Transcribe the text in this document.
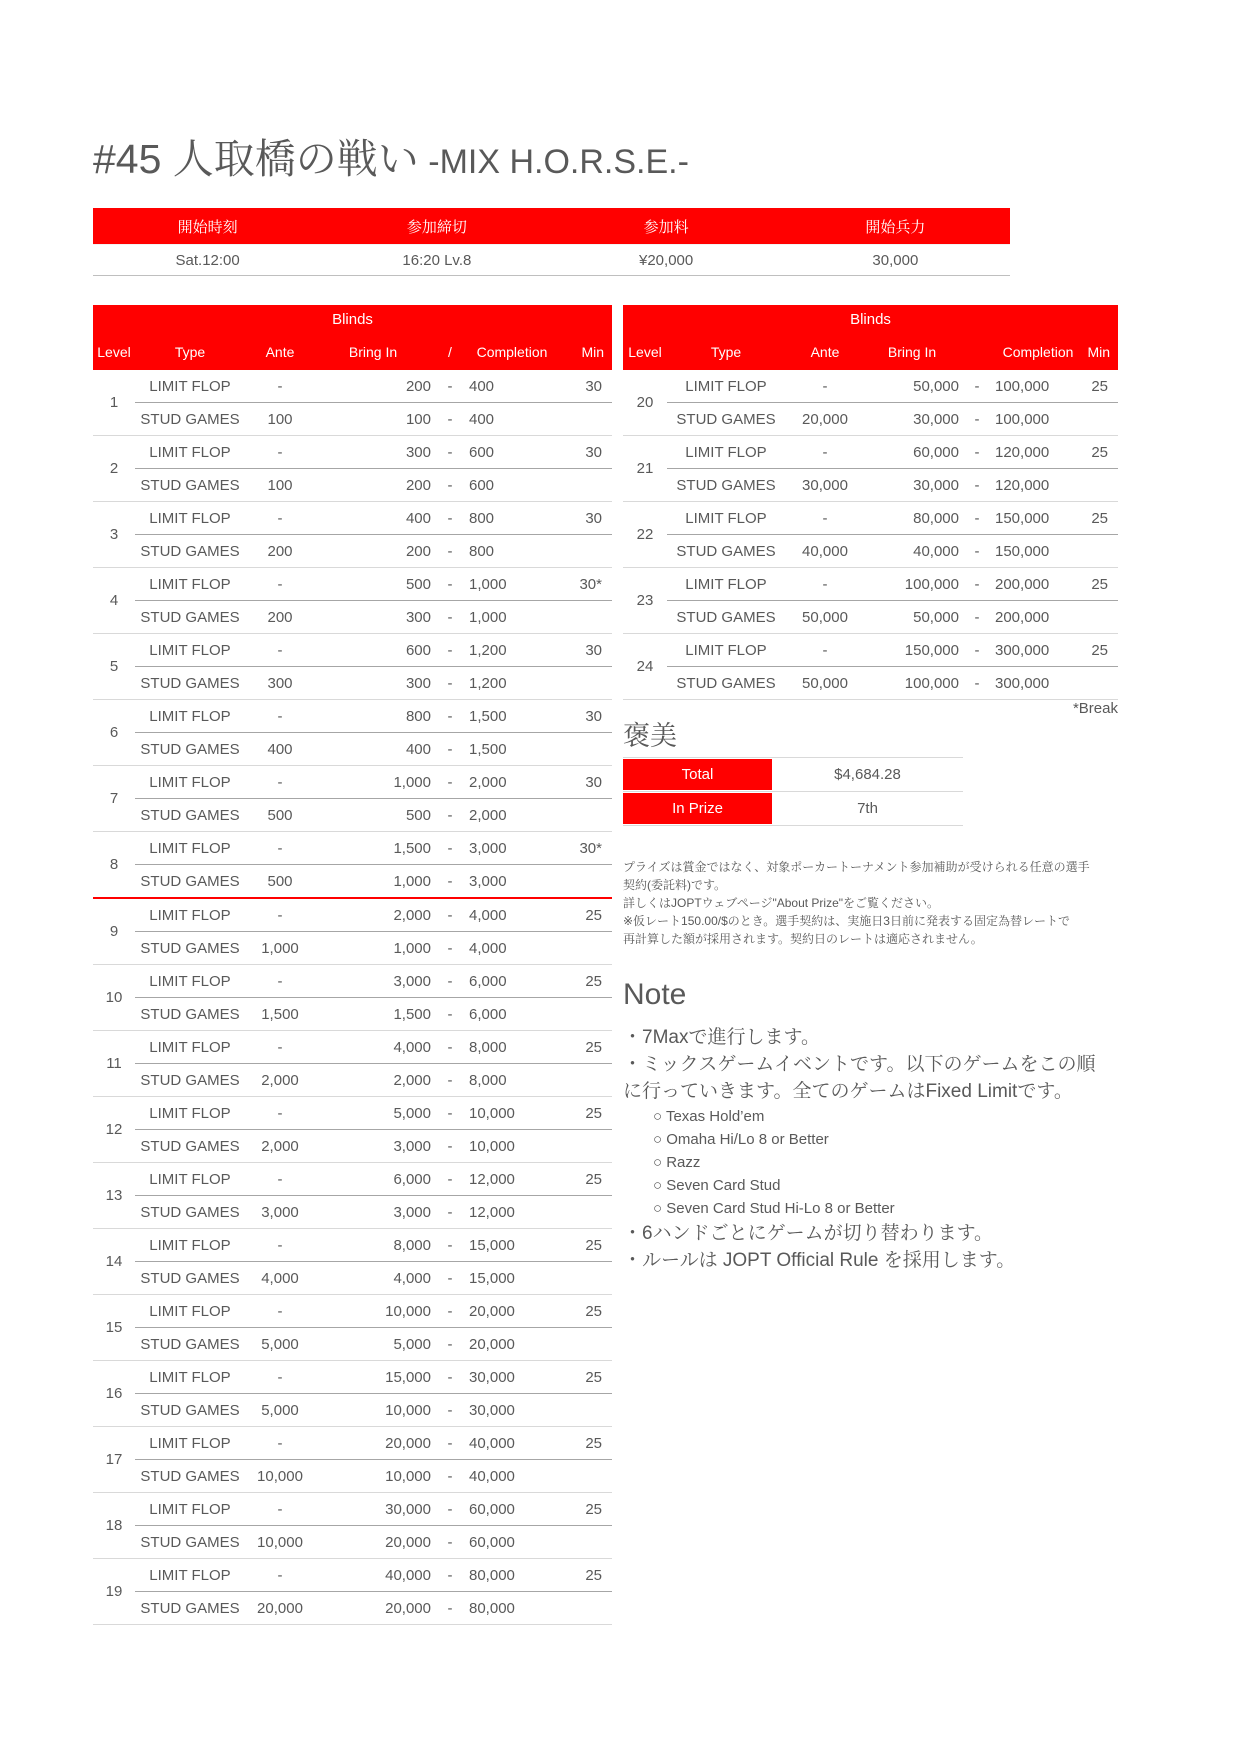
#45 人取橋の戦い -MIX H.O.R.S.E.-
開始時刻	参加締切	参加料	開始兵力
Sat.12:00	16:20 Lv.8	¥20,000	30,000
Blinds
Level	Type	Ante	Bring In	/	Completion	Min
1
LIMIT FLOP	-	200	-	400	30
STUD GAMES	100	100	-	400
2
LIMIT FLOP	-	300	-	600	30
STUD GAMES	100	200	-	600
3
LIMIT FLOP	-	400	-	800	30
STUD GAMES	200	200	-	800
4
LIMIT FLOP	-	500	-	1,000	30*
STUD GAMES	200	300	-	1,000
5
LIMIT FLOP	-	600	-	1,200	30
STUD GAMES	300	300	-	1,200
6
LIMIT FLOP	-	800	-	1,500	30
STUD GAMES	400	400	-	1,500
7
LIMIT FLOP	-	1,000	-	2,000	30
STUD GAMES	500	500	-	2,000
8
LIMIT FLOP	-	1,500	-	3,000	30*
STUD GAMES	500	1,000	-	3,000
9
LIMIT FLOP	-	2,000	-	4,000	25
STUD GAMES	1,000	1,000	-	4,000
10
LIMIT FLOP	-	3,000	-	6,000	25
STUD GAMES	1,500	1,500	-	6,000
11
LIMIT FLOP	-	4,000	-	8,000	25
STUD GAMES	2,000	2,000	-	8,000
12
LIMIT FLOP	-	5,000	-	10,000	25
STUD GAMES	2,000	3,000	-	10,000
13
LIMIT FLOP	-	6,000	-	12,000	25
STUD GAMES	3,000	3,000	-	12,000
14
LIMIT FLOP	-	8,000	-	15,000	25
STUD GAMES	4,000	4,000	-	15,000
15
LIMIT FLOP	-	10,000	-	20,000	25
STUD GAMES	5,000	5,000	-	20,000
16
LIMIT FLOP	-	15,000	-	30,000	25
STUD GAMES	5,000	10,000	-	30,000
17
LIMIT FLOP	-	20,000	-	40,000	25
STUD GAMES	10,000	10,000	-	40,000
18
LIMIT FLOP	-	30,000	-	60,000	25
STUD GAMES	10,000	20,000	-	60,000
19
LIMIT FLOP	-	40,000	-	80,000	25
STUD GAMES	20,000	20,000	-	80,000
Blinds
Level	Type	Ante	Bring In	Completion	Min
20
LIMIT FLOP	-	50,000	-	100,000	25
STUD GAMES	20,000	30,000	-	100,000
21
LIMIT FLOP	-	60,000	-	120,000	25
STUD GAMES	30,000	30,000	-	120,000
22
LIMIT FLOP	-	80,000	-	150,000	25
STUD GAMES	40,000	40,000	-	150,000
23
LIMIT FLOP	-	100,000	-	200,000	25
STUD GAMES	50,000	50,000	-	200,000
24
LIMIT FLOP	-	150,000	-	300,000	25
STUD GAMES	50,000	100,000	-	300,000
*Break
褒美
Total	$4,684.28
In Prize	7th
プライズは賞金ではなく、対象ポーカートーナメント参加補助が受けられる任意の選手
契約(委託料)です。
詳しくはJOPTウェブページ"About Prize"をご覧ください。
※仮レート150.00/$のとき。選手契約は、実施日3日前に発表する固定為替レートで
再計算した額が採用されます。契約日のレートは適応されません。
Note
・7Maxで進行します。
・ミックスゲームイベントです。以下のゲームをこの順
に行っていきます。全てのゲームはFixed Limitです。
○ Texas Hold’em
○ Omaha Hi/Lo 8 or Better
○ Razz
○ Seven Card Stud
○ Seven Card Stud Hi-Lo 8 or Better
・6ハンドごとにゲームが切り替わります。
・ルールは JOPT Official Rule を採用します。
